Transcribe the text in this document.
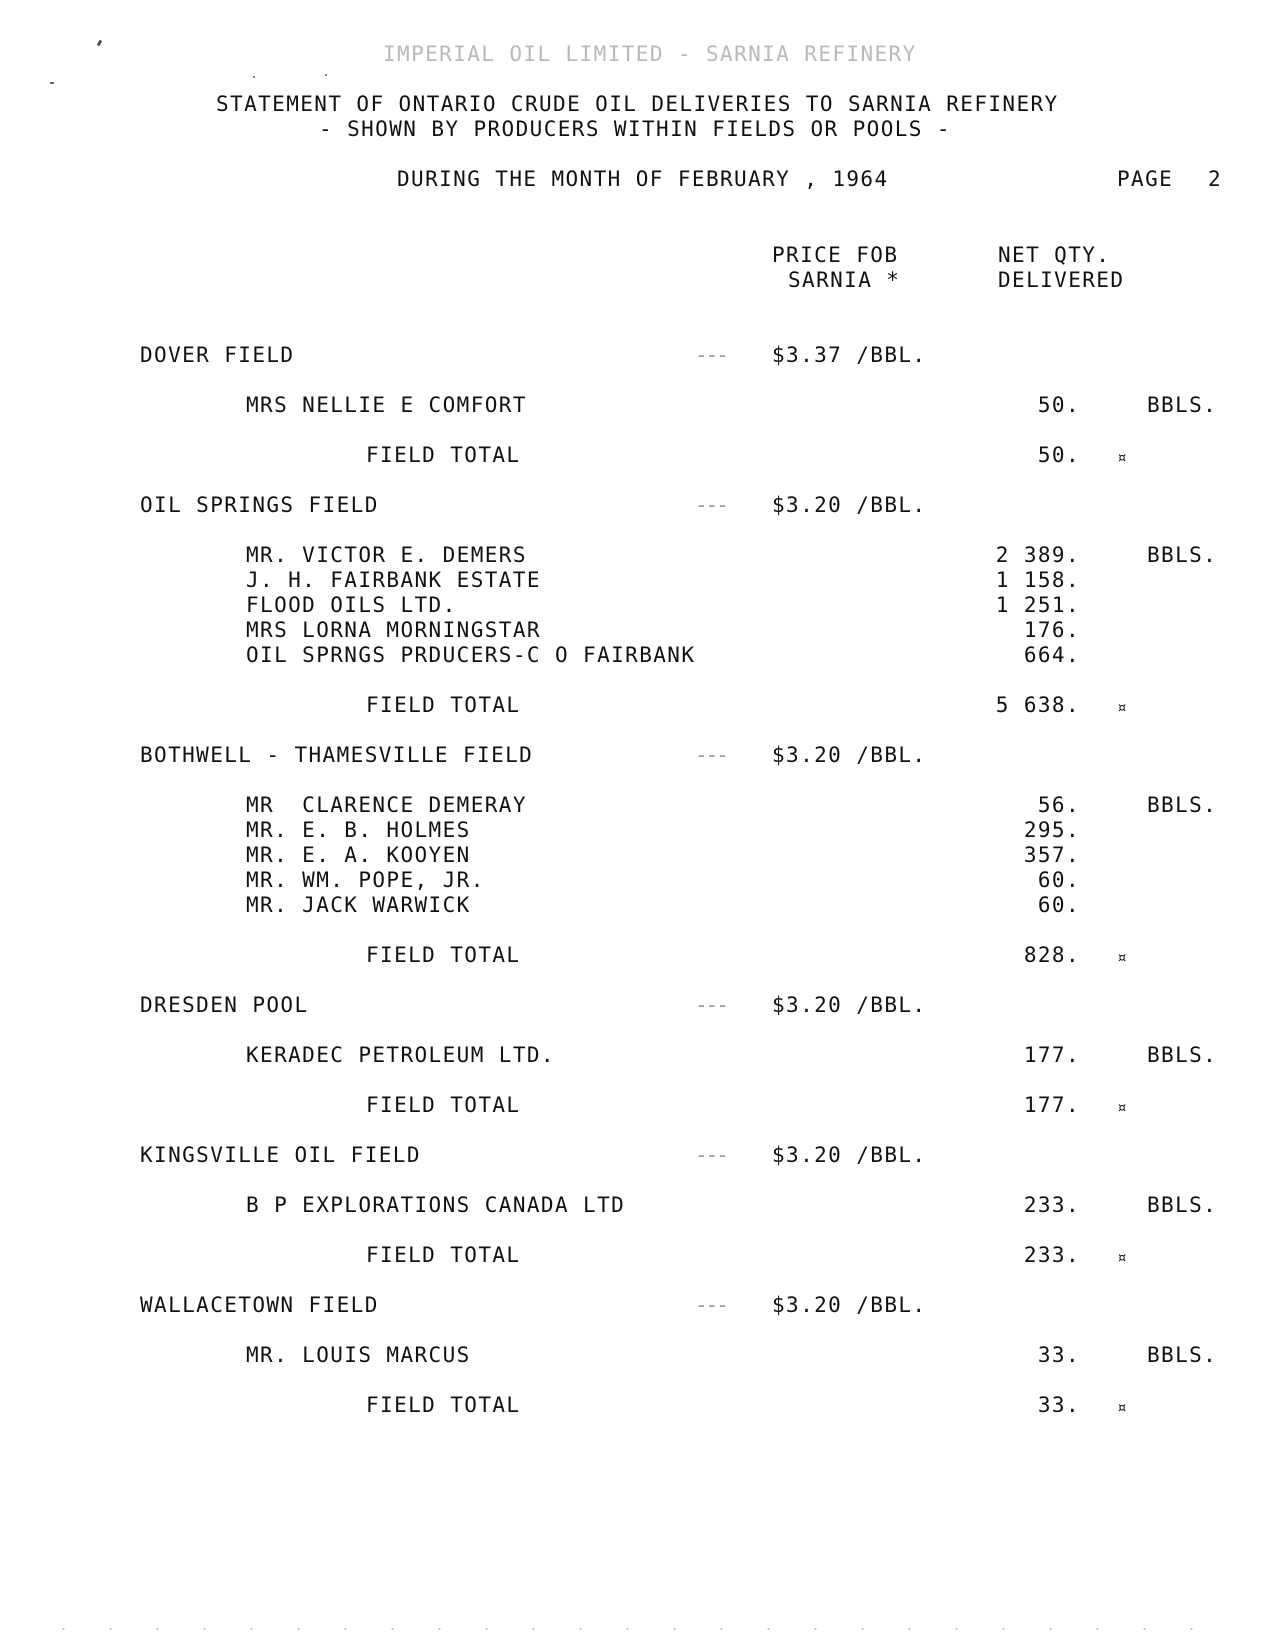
IMPERIAL OIL LIMITED - SARNIA REFINERY
STATEMENT OF ONTARIO CRUDE OIL DELIVERIES TO SARNIA REFINERY
- SHOWN BY PRODUCERS WITHIN FIELDS OR POOLS -
DURING THE MONTH OF FEBRUARY , 1964	PAGE 2
PRICE FOB
SARNIA *
NET QTY.
DELIVERED
DOVER FIELD	--- $3.37 /BBL.
MRS NELLIE E COMFORT	50.	BBLS.
FIELD TOTAL	50. ¤
OIL SPRINGS FIELD	--- $3.20 /BBL.
MR. VICTOR E. DEMERS	2 389.	BBLS.
J. H. FAIRBANK ESTATE	1 158.
FLOOD OILS LTD.	1 251.
MRS LORNA MORNINGSTAR	176.
OIL SPRNGS PRDUCERS-C O FAIRBANK	664.
FIELD TOTAL	5 638. ¤
BOTHWELL - THAMESVILLE FIELD	--- $3.20 /BBL.
MR  CLARENCE DEMERAY	56.	BBLS.
MR. E. B. HOLMES	295.
MR. E. A. KOOYEN	357.
MR. WM. POPE, JR.	60.
MR. JACK WARWICK	60.
FIELD TOTAL	828. ¤
DRESDEN POOL	--- $3.20 /BBL.
KERADEC PETROLEUM LTD.	177.	BBLS.
FIELD TOTAL	177. ¤
KINGSVILLE OIL FIELD	--- $3.20 /BBL.
B P EXPLORATIONS CANADA LTD	233.	BBLS.
FIELD TOTAL	233. ¤
WALLACETOWN FIELD	--- $3.20 /BBL.
MR. LOUIS MARCUS	33.	BBLS.
FIELD TOTAL	33. ¤
